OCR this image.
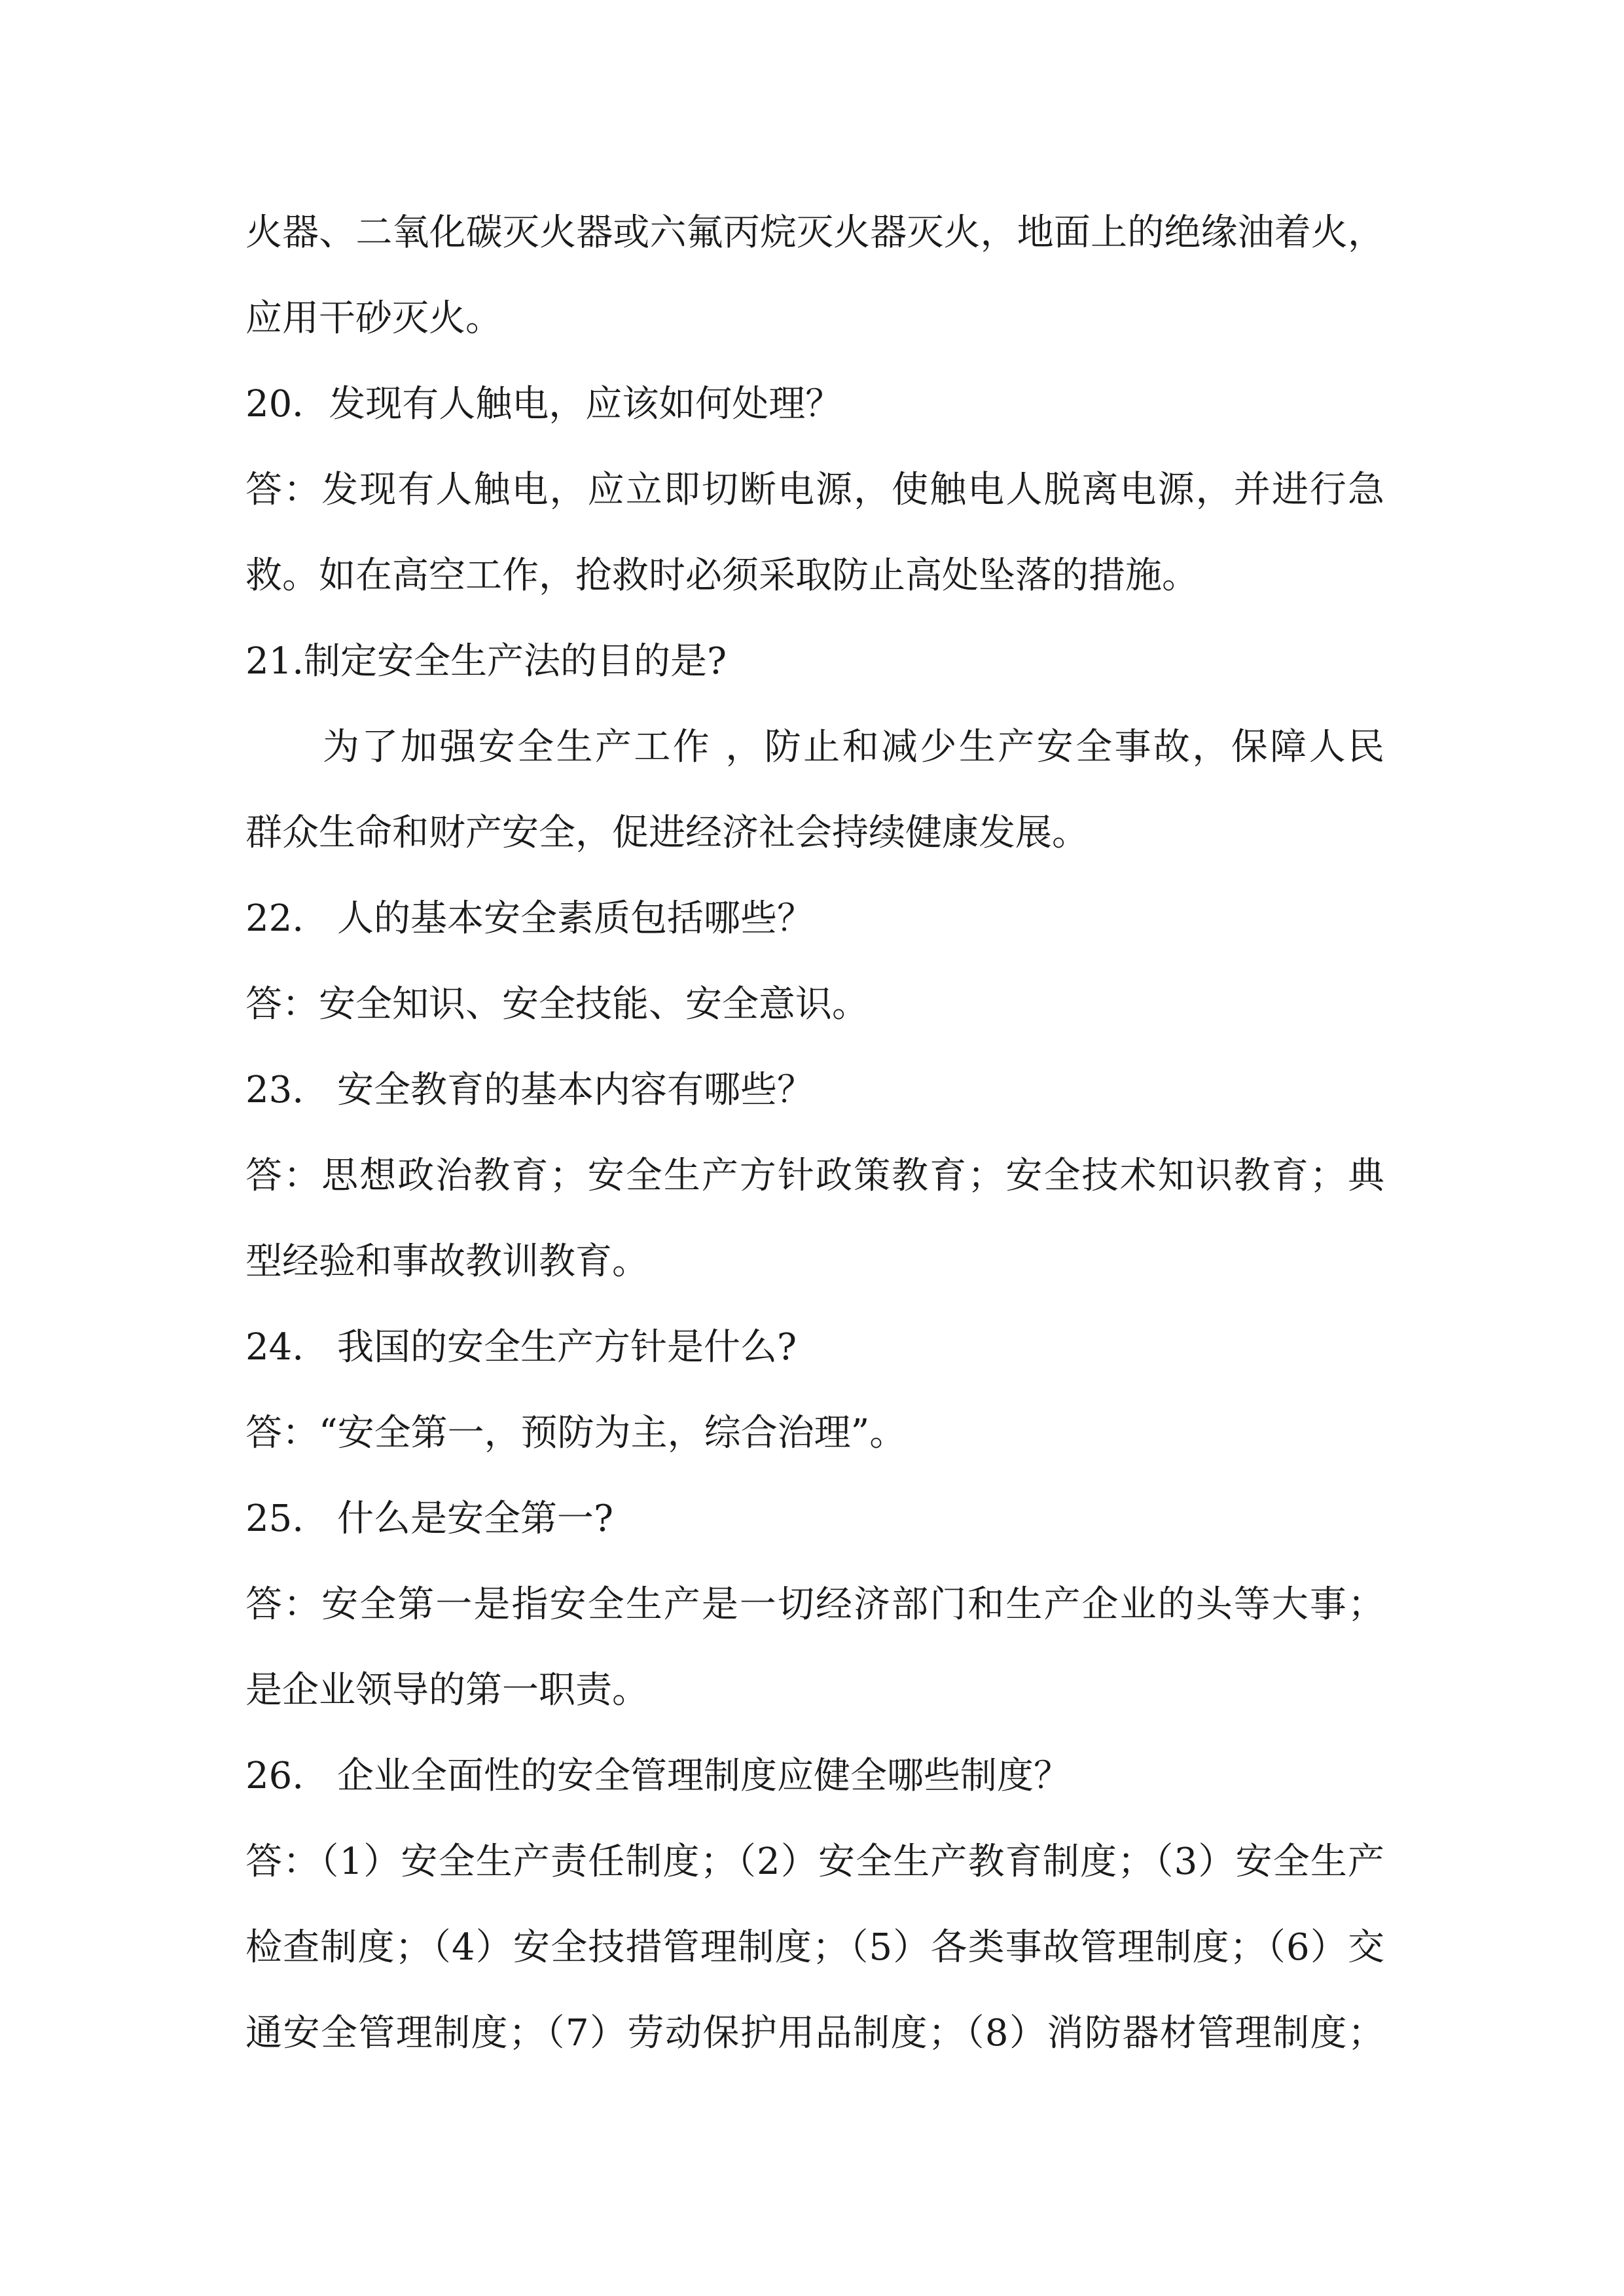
火器、二氧化碳灭火器或六氟丙烷灭火器灭火，地面上的绝缘油着火，
应用干砂灭火。
20．发现有人触电，应该如何处理？
答：发现有人触电，应立即切断电源，使触电人脱离电源，并进行急
救。如在高空工作，抢救时必须采取防止高处坠落的措施。
21.制定安全生产法的目的是?
为了加强安全生产工作 ，防止和减少生产安全事故，保障人民
群众生命和财产安全，促进经济社会持续健康发展。
22. 人的基本安全素质包括哪些？
答：安全知识、安全技能、安全意识。
23. 安全教育的基本内容有哪些？
答：思想政治教育；安全生产方针政策教育；安全技术知识教育；典
型经验和事故教训教育。
24. 我国的安全生产方针是什么?
答：“安全第一，预防为主，综合治理”。
25. 什么是安全第一?
答：安全第一是指安全生产是一切经济部门和生产企业的头等大事；
是企业领导的第一职责。
26. 企业全面性的安全管理制度应健全哪些制度？
答：（1）安全生产责任制度；（2）安全生产教育制度；（3）安全生产
检查制度；（4）安全技措管理制度；（5）各类事故管理制度；（6）交
通安全管理制度；（7）劳动保护用品制度；（8）消防器材管理制度；
